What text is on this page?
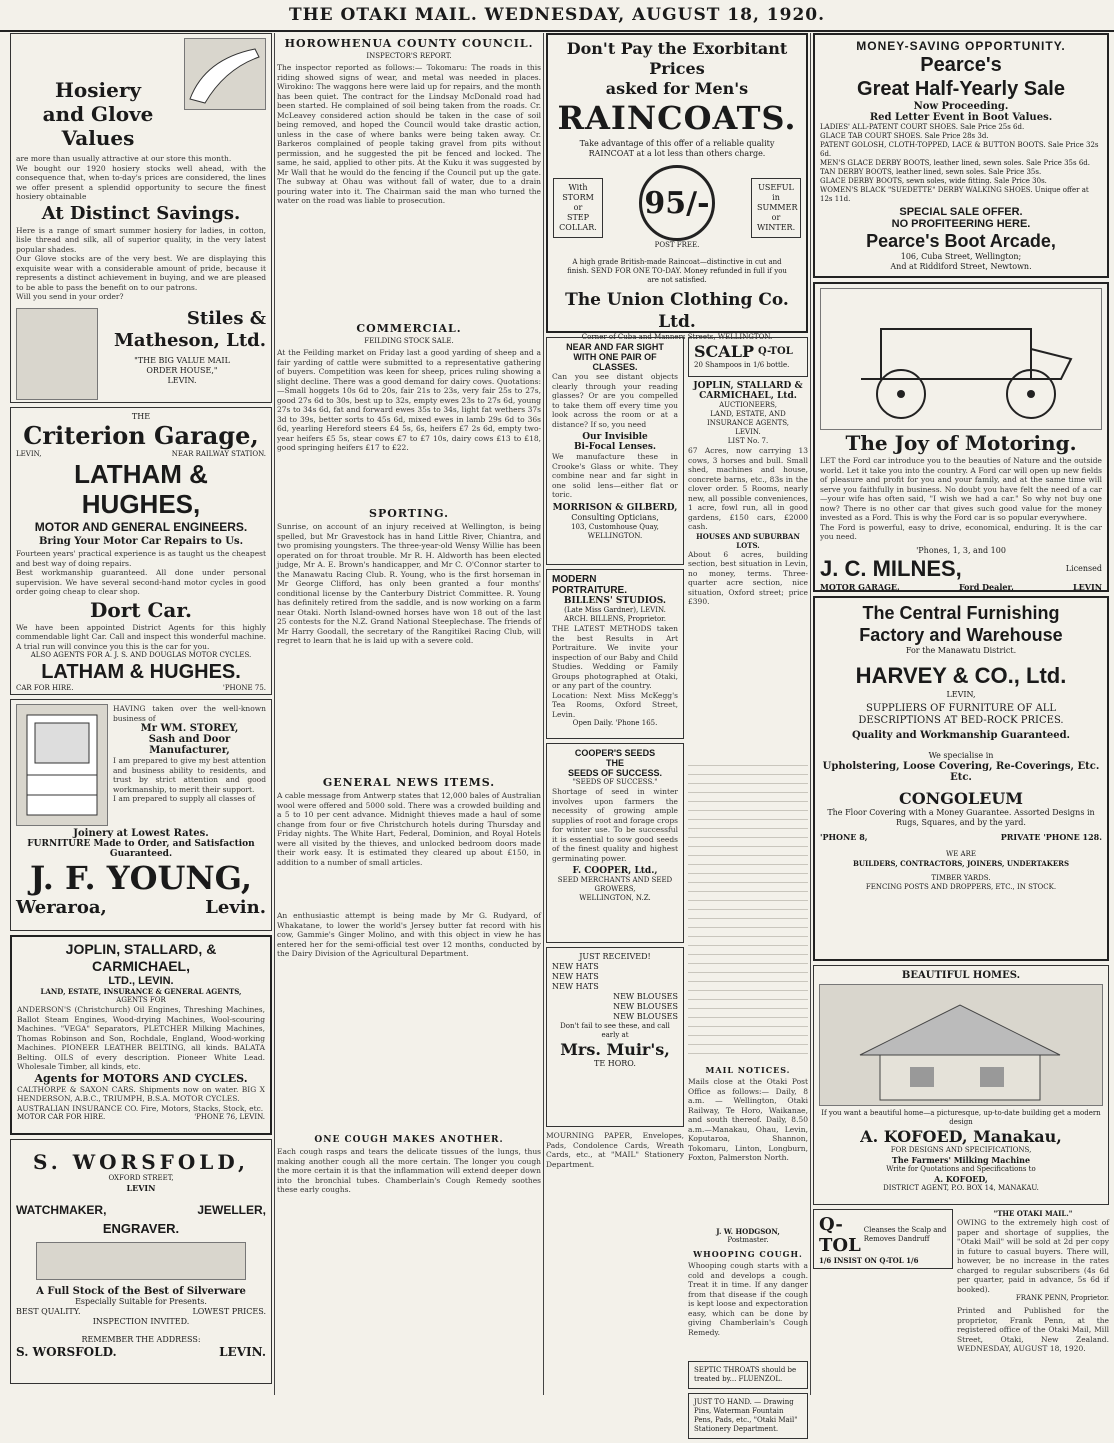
THE OTAKI MAIL. WEDNESDAY, AUGUST 18, 1920.
Hosiery
and Glove Values
are more than usually attractive at our store this month.
We bought our 1920 hosiery stocks well ahead, with the consequence that, when to-day's prices are considered, the lines we offer present a splendid opportunity to secure the finest hosiery obtainable
At Distinct Savings.
Here is a range of smart summer hosiery for ladies, in cotton, lisle thread and silk, all of superior quality, in the very latest popular shades.
Our Glove stocks are of the very best. We are displaying this exquisite wear with a considerable amount of pride, because it represents a distinct achievement in buying, and we are pleased to be able to pass the benefit on to our patrons.
Will you send in your order?
Stiles &
Matheson, Ltd.
"THE BIG VALUE MAIL
ORDER HOUSE,"
LEVIN.
THE
Criterion Garage,
LEVIN,	NEAR RAILWAY STATION.
LATHAM & HUGHES,
MOTOR AND GENERAL ENGINEERS.
Bring Your Motor Car Repairs to Us.
Fourteen years' practical experience is as taught us the cheapest and best way of doing repairs.
Best workmanship guaranteed. All done under personal supervision. We have several second-hand motor cycles in good order going cheap to clear shop.
Dort Car.
We have been appointed District Agents for this highly commendable light Car. Call and inspect this wonderful machine. A trial run will convince you this is the car for you.
ALSO AGENTS FOR A. J. S. AND DOUGLAS MOTOR CYCLES.
LATHAM & HUGHES.
CAR FOR HIRE.	'PHONE 75.
HAVING taken over the well-known business of
Mr WM. STOREY,
Sash and Door Manufacturer,
I am prepared to give my best attention and business ability to residents, and trust by strict attention and good workmanship, to merit their support.
I am prepared to supply all classes of
Joinery at Lowest Rates.
FURNITURE Made to Order, and Satisfaction Guaranteed.
J. F. YOUNG,
Weraroa,	Levin.
JOPLIN, STALLARD, & CARMICHAEL,
LTD., LEVIN.
LAND, ESTATE, INSURANCE & GENERAL AGENTS,
AGENTS FOR
ANDERSON'S (Christchurch) Oil Engines, Threshing Machines, Ballot Steam Engines, Wood-drying Machines, Wool-scouring Machines. "VEGA" Separators, PLETCHER Milking Machines, Thomas Robinson and Son, Rochdale, England, Wood-working Machines. PIONEER LEATHER BELTING, all kinds. BALATA Belting. OILS of every description. Pioneer White Lead. Wholesale Timber, all kinds, etc.
Agents for MOTORS AND CYCLES.
CALTHORPE & SAXON CARS. Shipments now on water. BIG X HENDERSON, A.B.C., TRIUMPH, B.S.A. MOTOR CYCLES.
AUSTRALIAN INSURANCE CO. Fire, Motors, Stacks, Stock, etc.
MOTOR CAR FOR HIRE.	'PHONE 76, LEVIN.
S. WORSFOLD,
OXFORD STREET,
LEVIN
WATCHMAKER,	JEWELLER,
ENGRAVER.
A Full Stock of the Best of Silverware
Especially Suitable for Presents.
BEST QUALITY.	LOWEST PRICES.
INSPECTION INVITED.
REMEMBER THE ADDRESS:
S. WORSFOLD.	LEVIN.
HOROWHENUA COUNTY COUNCIL.
INSPECTOR'S REPORT.
The inspector reported as follows:— Tokomaru: The roads in this riding showed signs of wear, and metal was needed in places. Wirokino: The waggons here were laid up for repairs, and the month has been quiet. The contract for the Lindsay McDonald road had been started. He complained of soil being taken from the roads. Cr. McLeavey considered action should be taken in the case of soil being removed, and hoped the Council would take drastic action, unless in the case of where banks were being taken away. Cr. Barkeros complained of people taking gravel from pits without permission, and he suggested the pit be fenced and locked. The same, he said, applied to other pits. At the Kuku it was suggested by Mr Wall that he would do the fencing if the Council put up the gate. The subway at Ohau was without fall of water, due to a drain pouring water into it. The Chairman said the man who turned the water on the road was liable to prosecution.
COMMERCIAL.
FEILDING STOCK SALE.
At the Feilding market on Friday last a good yarding of sheep and a fair yarding of cattle were submitted to a representative gathering of buyers. Competition was keen for sheep, prices ruling showing a slight decline. There was a good demand for dairy cows. Quotations:—Small hoggets 10s 6d to 20s, fair 21s to 23s, very fair 25s to 27s, good 27s 6d to 30s, best up to 32s, empty ewes 23s to 27s 6d, young 27s to 34s 6d, fat and forward ewes 35s to 34s, light fat wethers 37s 3d to 39s, better sorts to 45s 6d, mixed ewes in lamb 29s 6d to 36s 6d, yearling Hereford steers £4 5s, 6s, heifers £7 2s 6d, empty two-year heifers £5 5s, stear cows £7 to £7 10s, dairy cows £13 to £18, good springing heifers £17 to £22.
SPORTING.
Sunrise, on account of an injury received at Wellington, is being spelled, but Mr Gravestock has in hand Little River, Chiantra, and two promising youngsters. The three-year-old Wensy Willie has been operated on for throat trouble. Mr R. H. Aldworth has been elected judge, Mr A. E. Brown's handicapper, and Mr C. O'Connor starter to the Manawatu Racing Club. R. Young, who is the first horseman in Mr George Clifford, has only been granted a four months' conditional license by the Canterbury District Committee. R. Young has definitely retired from the saddle, and is now working on a farm near Otaki. North Island-owned horses have won 18 out of the last 25 contests for the N.Z. Grand National Steeplechase. The friends of Mr Harry Goodall, the secretary of the Rangitikei Racing Club, will regret to learn that he is laid up with a severe cold.
GENERAL NEWS ITEMS.
A cable message from Antwerp states that 12,000 bales of Australian wool were offered and 5000 sold. There was a crowded building and a 5 to 10 per cent advance. Midnight thieves made a haul of some change from four or five Christchurch hotels during Thursday and Friday nights. The White Hart, Federal, Dominion, and Royal Hotels were all visited by the thieves, and unlocked bedroom doors made their work easy. It is estimated they cleared up about £150, in addition to a number of small articles.
An enthusiastic attempt is being made by Mr G. Rudyard, of Whakatane, to lower the world's Jersey butter fat record with his cow, Gammie's Ginger Molino, and with this object in view he has entered her for the semi-official test over 12 months, conducted by the Dairy Division of the Agricultural Department.
ONE COUGH MAKES ANOTHER.
Each cough rasps and tears the delicate tissues of the lungs, thus making another cough all the more certain. The longer you cough the more certain it is that the inflammation will extend deeper down into the bronchial tubes. Chamberlain's Cough Remedy soothes these early coughs.
Don't Pay the Exorbitant Prices
asked for Men's
RAINCOATS.
Take advantage of this offer of a reliable quality RAINCOAT at a lot less than others charge.
With
STORM
or
STEP
COLLAR.
95/-
POST FREE.
USEFUL
in
SUMMER
or
WINTER.
A high grade British-made Raincoat—distinctive in cut and finish. SEND FOR ONE TO-DAY. Money refunded in full if you are not satisfied.
The Union Clothing Co. Ltd.
Corner of Cuba and Manners Streets, WELLINGTON.
NEAR AND FAR SIGHT
WITH ONE PAIR OF
CLASSES.
Can you see distant objects clearly through your reading glasses? Or are you compelled to take them off every time you look across the room or at a distance? If so, you need
Our Invisible
Bi-Focal Lenses.
We manufacture these in Crooke's Glass or white. They combine near and far sight in one solid lens—either flat or toric.
MORRISON & GILBERD,
Consulting Opticians,
103, Customhouse Quay, WELLINGTON.
MODERN
PORTRAITURE.
BILLENS' STUDIOS.
(Late Miss Gardner), LEVIN.
ARCH. BILLENS, Proprietor.
THE LATEST METHODS taken the best Results in Art Portraiture. We invite your inspection of our Baby and Child Studies. Wedding or Family Groups photographed at Otaki, or any part of the country.
Location: Next Miss McKegg's Tea Rooms, Oxford Street, Levin.
Open Daily. 'Phone 165.
COOPER'S SEEDS
THE
SEEDS OF SUCCESS.
"SEEDS OF SUCCESS."
Shortage of seed in winter involves upon farmers the necessity of growing ample supplies of root and forage crops for winter use. To be successful it is essential to sow good seeds of the finest quality and highest germinating power.
F. COOPER, Ltd.,
SEED MERCHANTS AND SEED GROWERS,
WELLINGTON, N.Z.
JUST RECEIVED!
NEW HATS
NEW HATS
NEW HATS
NEW BLOUSES
NEW BLOUSES
NEW BLOUSES
Don't fail to see these, and call early at
Mrs. Muir's,
TE HORO.
MOURNING PAPER, Envelopes, Pads, Condolence Cards, Wreath Cards, etc., at "MAIL" Stationery Department.
SCALP Q-TOL
20 Shampoos in 1/6 bottle.
JOPLIN, STALLARD & CARMICHAEL, Ltd.
AUCTIONEERS,
LAND, ESTATE, AND INSURANCE AGENTS,
LEVIN.
LIST No. 7.
67 Acres, now carrying 13 cows, 3 horses and bull. Small shed, machines and house, concrete barns, etc., 83s in the clover order. 5 Rooms, nearly new, all possible conveniences, 1 acre, fowl run, all in good gardens, £150 cars, £2000 cash.
HOUSES AND SUBURBAN LOTS.
About 6 acres, building section, best situation in Levin, no money, terms. Three-quarter acre section, nice situation, Oxford street; price £390.
MAIL NOTICES.
Mails close at the Otaki Post Office as follows:— Daily, 8 a.m. — Wellington, Otaki Railway, Te Horo, Waikanae, and south thereof. Daily, 8.50 a.m.—Manakau, Ohau, Levin, Koputaroa, Shannon, Tokomaru, Linton, Longburn, Foxton, Palmerston North.
J. W. HODGSON,
Postmaster.
WHOOPING COUGH.
Whooping cough starts with a cold and develops a cough. Treat it in time. If any danger from that disease if the cough is kept loose and expectoration easy, which can be done by giving Chamberlain's Cough Remedy.
SEPTIC THROATS should be treated by... FLUENZOL.
JUST TO HAND. — Drawing Pins, Waterman Fountain Pens, Pads, etc., "Otaki Mail" Stationery Department.
MONEY-SAVING OPPORTUNITY.
Pearce's
Great Half-Yearly Sale
Now Proceeding.
Red Letter Event in Boot Values.
LADIES' ALL-PATENT COURT SHOES. Sale Price 25s 6d.
GLACE TAB COURT SHOES. Sale Price 28s 3d.
PATENT GOLOSH, CLOTH-TOPPED, LACE & BUTTON BOOTS. Sale Price 32s 6d.
MEN'S GLACE DERBY BOOTS, leather lined, sewn soles. Sale Price 35s 6d.
TAN DERBY BOOTS, leather lined, sewn soles. Sale Price 35s.
GLACE DERBY BOOTS, sewn soles, wide fitting. Sale Price 30s.
WOMEN'S BLACK "SUEDETTE" DERBY WALKING SHOES. Unique offer at 12s 11d.
SPECIAL SALE OFFER.
NO PROFITEERING HERE.
Pearce's Boot Arcade,
106, Cuba Street, Wellington;
And at Riddiford Street, Newtown.
The Joy of Motoring.
LET the Ford car introduce you to the beauties of Nature and the outside world. Let it take you into the country. A Ford car will open up new fields of pleasure and profit for you and your family, and at the same time will serve you faithfully in business. No doubt you have felt the need of a car—your wife has often said, "I wish we had a car." So why not buy one now? There is no other car that gives such good value for the money invested as a Ford. This is why the Ford car is so popular everywhere.
The Ford is powerful, easy to drive, economical, enduring. It is the car you need.
'Phones, 1, 3, and 100
J. C. MILNES,	Licensed
MOTOR GARAGE,	Ford Dealer,	LEVIN
The Central Furnishing
Factory and Warehouse
For the Manawatu District.
HARVEY & CO., Ltd.
LEVIN,
SUPPLIERS OF FURNITURE OF ALL DESCRIPTIONS AT BED-ROCK PRICES.
Quality and Workmanship Guaranteed.
We specialise in
Upholstering, Loose Covering, Re-Coverings, Etc. Etc.
CONGOLEUM
The Floor Covering with a Money Guarantee. Assorted Designs in Rugs, Squares, and by the yard.
'PHONE 8,	PRIVATE 'PHONE 128.
WE ARE
BUILDERS, CONTRACTORS, JOINERS, UNDERTAKERS
TIMBER YARDS.
FENCING POSTS AND DROPPERS, ETC., IN STOCK.
BEAUTIFUL HOMES.
If you want a beautiful home—a picturesque, up-to-date building get a modern design
A. KOFOED, Manakau,
FOR DESIGNS AND SPECIFICATIONS,
The Farmers' Milking Machine
Write for Quotations and Specifications to
A. KOFOED,
DISTRICT AGENT, P.O. BOX 14, MANAKAU.
Q-TOL
Cleanses the Scalp and Removes Dandruff
1/6 INSIST ON Q-TOL 1/6
"THE OTAKI MAIL."
OWING to the extremely high cost of paper and shortage of supplies, the "Otaki Mail" will be sold at 2d per copy in future to casual buyers. There will, however, be no increase in the rates charged to regular subscribers (4s 6d per quarter, paid in advance, 5s 6d if booked).
FRANK PENN, Proprietor.
Printed and Published for the proprietor, Frank Penn, at the registered office of the Otaki Mail, Mill Street, Otaki, New Zealand. WEDNESDAY, AUGUST 18, 1920.
